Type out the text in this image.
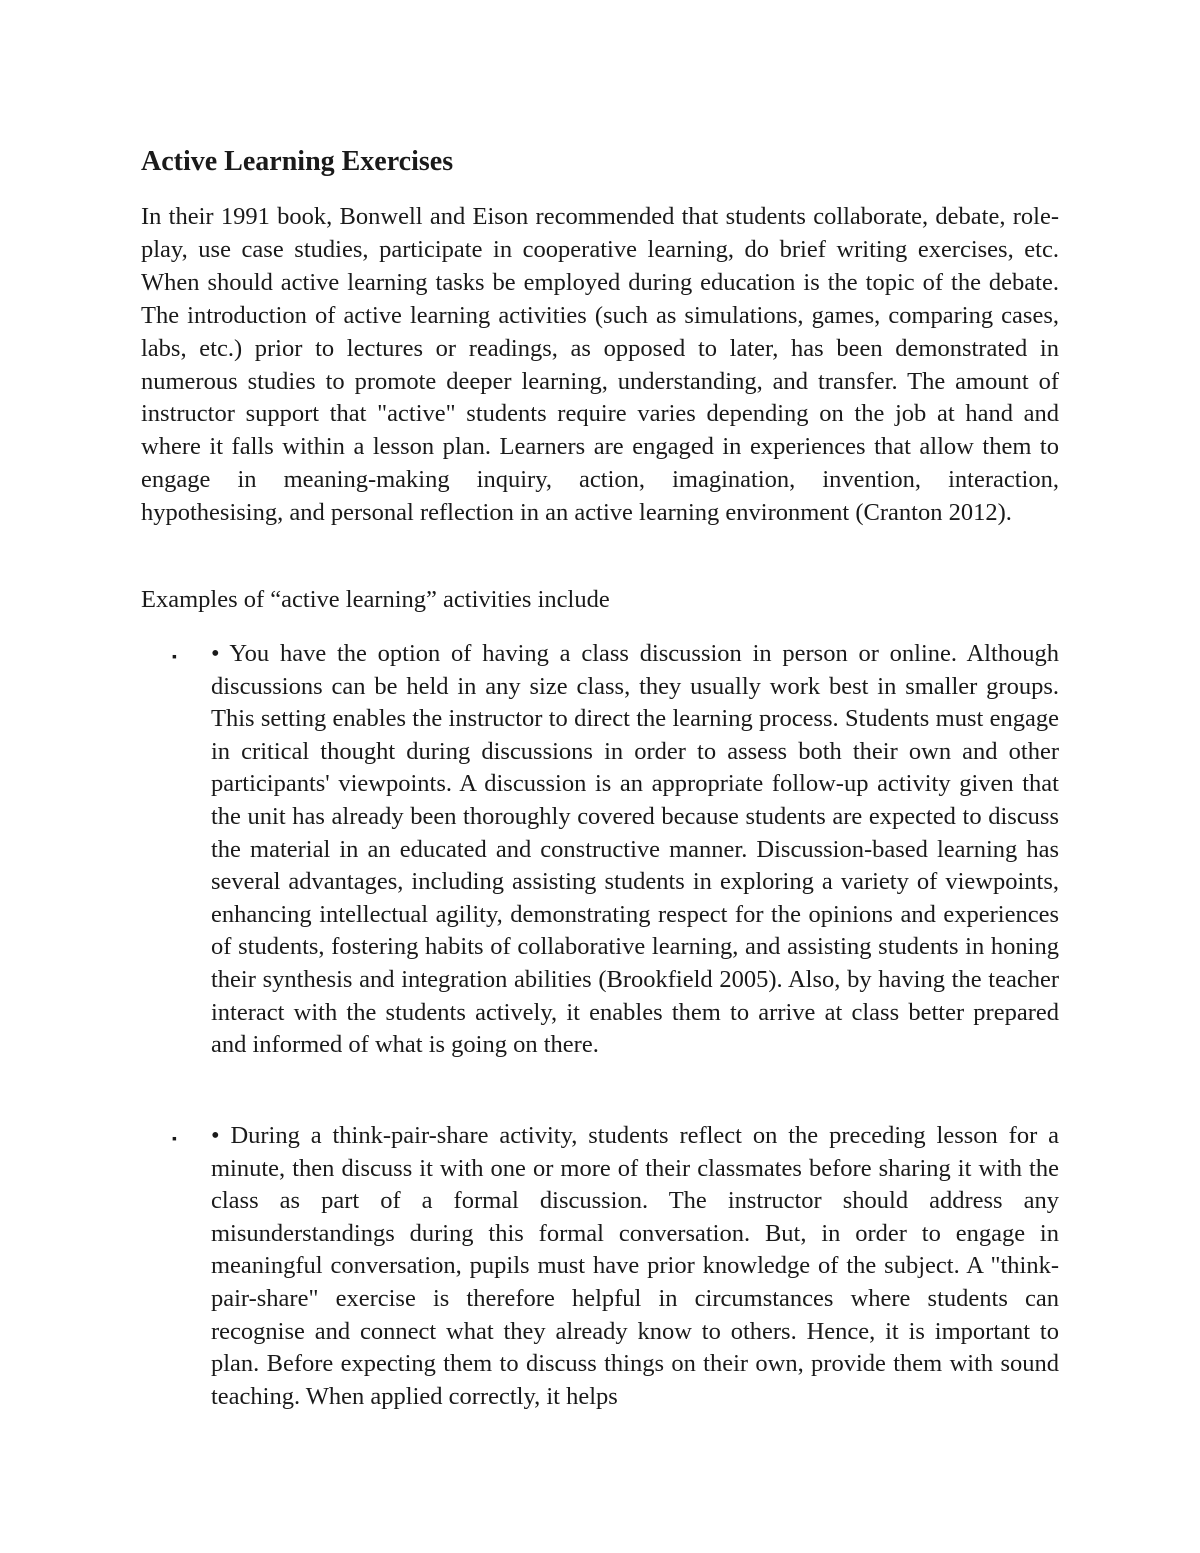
Active Learning Exercises

In their 1991 book, Bonwell and Eison recommended that students collaborate, debate, role-play, use case studies, participate in cooperative learning, do brief writing exercises, etc. When should active learning tasks be employed during education is the topic of the debate. The introduction of active learning activities (such as simulations, games, comparing cases, labs, etc.) prior to lectures or readings, as opposed to later, has been demonstrated in numerous studies to promote deeper learning, understanding, and transfer. The amount of instructor support that "active" students require varies depending on the job at hand and where it falls within a lesson plan. Learners are engaged in experiences that allow them to engage in meaning-making inquiry, action, imagination, invention, interaction, hypothesising, and personal reflection in an active learning environment (Cranton 2012).

Examples of “active learning” activities include

▪ • You have the option of having a class discussion in person or online. Although discussions can be held in any size class, they usually work best in smaller groups. This setting enables the instructor to direct the learning process. Students must engage in critical thought during discussions in order to assess both their own and other participants' viewpoints. A discussion is an appropriate follow-up activity given that the unit has already been thoroughly covered because students are expected to discuss the material in an educated and constructive manner. Discussion-based learning has several advantages, including assisting students in exploring a variety of viewpoints, enhancing intellectual agility, demonstrating respect for the opinions and experiences of students, fostering habits of collaborative learning, and assisting students in honing their synthesis and integration abilities (Brookfield 2005). Also, by having the teacher interact with the students actively, it enables them to arrive at class better prepared and informed of what is going on there.

▪ • During a think-pair-share activity, students reflect on the preceding lesson for a minute, then discuss it with one or more of their classmates before sharing it with the class as part of a formal discussion. The instructor should address any misunderstandings during this formal conversation. But, in order to engage in meaningful conversation, pupils must have prior knowledge of the subject. A "think-pair-share" exercise is therefore helpful in circumstances where students can recognise and connect what they already know to others. Hence, it is important to plan. Before expecting them to discuss things on their own, provide them with sound teaching. When applied correctly, it helps
